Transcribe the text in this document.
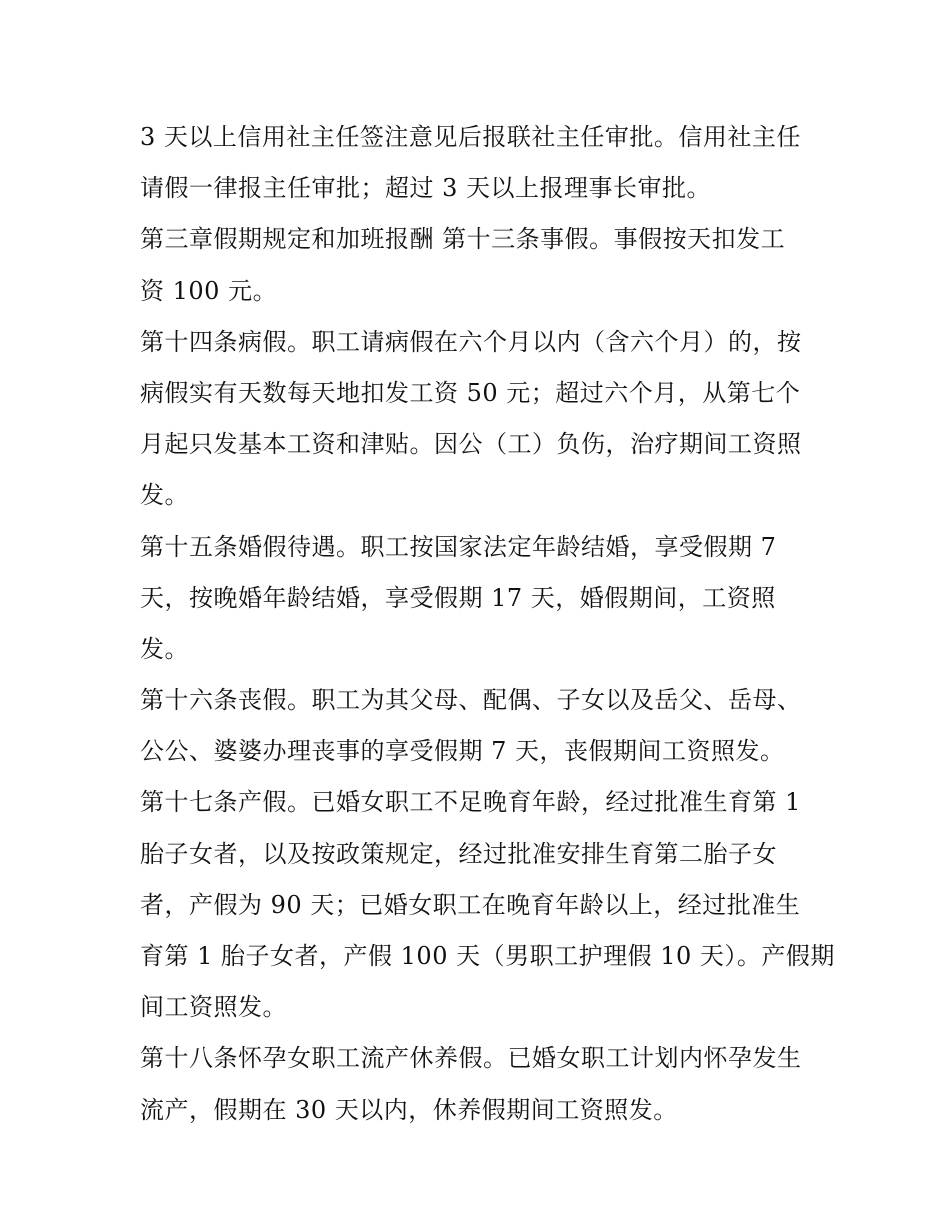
3 天以上信用社主任签注意见后报联社主任审批。信用社主任

请假一律报主任审批；超过 3 天以上报理事长审批。

第三章假期规定和加班报酬 第十三条事假。事假按天扣发工

资 100 元。

第十四条病假。职工请病假在六个月以内（含六个月）的，按

病假实有天数每天地扣发工资 50 元；超过六个月，从第七个

月起只发基本工资和津贴。因公（工）负伤，治疗期间工资照

发。

第十五条婚假待遇。职工按国家法定年龄结婚，享受假期 7

天，按晚婚年龄结婚，享受假期 17 天，婚假期间，工资照

发。

第十六条丧假。职工为其父母、配偶、子女以及岳父、岳母、

公公、婆婆办理丧事的享受假期 7 天，丧假期间工资照发。

第十七条产假。已婚女职工不足晚育年龄，经过批准生育第 1

胎子女者，以及按政策规定，经过批准安排生育第二胎子女

者，产假为 90 天；已婚女职工在晚育年龄以上，经过批准生

育第 1 胎子女者，产假 100 天（男职工护理假 10 天）。产假期

间工资照发。

第十八条怀孕女职工流产休养假。已婚女职工计划内怀孕发生

流产，假期在 30 天以内，休养假期间工资照发。
